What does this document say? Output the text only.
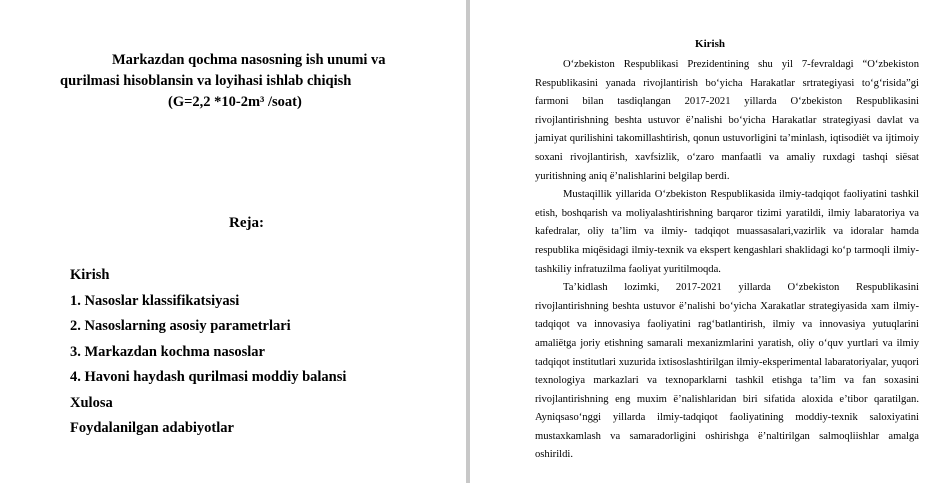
Markazdan qochma nasosning ish unumi va
qurilmasi hisoblansin va loyihasi ishlab chiqish
(G=2,2 *10-2m³ /soat)
Reja:
Kirish
1. Nasoslar klassifikatsiyasi
2. Nasoslarning asosiy parametrlari
3. Markazdan kochma nasoslar
4. Havoni haydash qurilmasi moddiy balansi
Xulosa
Foydalanilgan adabiyotlar
Kirish

O‘zbekiston Respublikasi Prezidentining shu yil 7-fevraldagi “O‘zbekiston Respublikasini yanada rivojlantirish bo‘yicha Harakatlar srtrategiyasi to‘g‘risida”gi farmoni bilan tasdiqlangan 2017-2021 yillarda O‘zbekiston Respublikasini rivojlantirishning beshta ustuvor ё’nalishi bo‘yicha Harakatlar strategiyasi davlat va jamiyat qurilishini takomillashtirish, qonun ustuvorligini ta’minlash, iqtisodiёt va ijtimoiy soxani rivojlantirish, xavfsizlik, o‘zaro manfaatli va amaliy ruxdagi tashqi siёsat yuritishning aniq ё’nalishlarini belgilap berdi.

Mustaqillik yillarida O‘zbekiston Respublikasida ilmiy-tadqiqot faoliyatini tashkil etish, boshqarish va moliyalashtirishning barqaror tizimi yaratildi, ilmiy labaratoriya va kafedralar, oliy ta’lim va ilmiy- tadqiqot muassasalari,vazirlik va idoralar hamda respublika miqёsidagi ilmiy-texnik va ekspert kengashlari shaklidagi ko‘p tarmoqli ilmiy- tashkiliy infratuzilma faoliyat yuritilmoqda.

Ta’kidlash lozimki, 2017-2021 yillarda O‘zbekiston Respublikasini rivojlantirishning beshta ustuvor ё’nalishi bo‘yicha Xarakatlar strategiyasida xam ilmiy-tadqiqot va innovasiya faoliyatini rag‘batlantirish, ilmiy va innovasiya yutuqlarini amaliёtga joriy etishning samarali mexanizmlarini yaratish, oliy o‘quv yurtlari va ilmiy tadqiqot institutlari xuzurida ixtisoslashtirilgan ilmiy-eksperimental labaratoriyalar, yuqori texnologiya markazlari va texnoparklarni tashkil etishga ta’lim va fan soxasini rivojlantirishning eng muxim ё’nalishlaridan biri sifatida aloxida e’tibor qaratilgan. Ayniqsaso‘nggi yillarda ilmiy-tadqiqot faoliyatining moddiy-texnik saloxiyatini mustaxkamlash va samaradorligini oshirishga ё’naltirilgan salmoqliishlar amalga oshirildi.
